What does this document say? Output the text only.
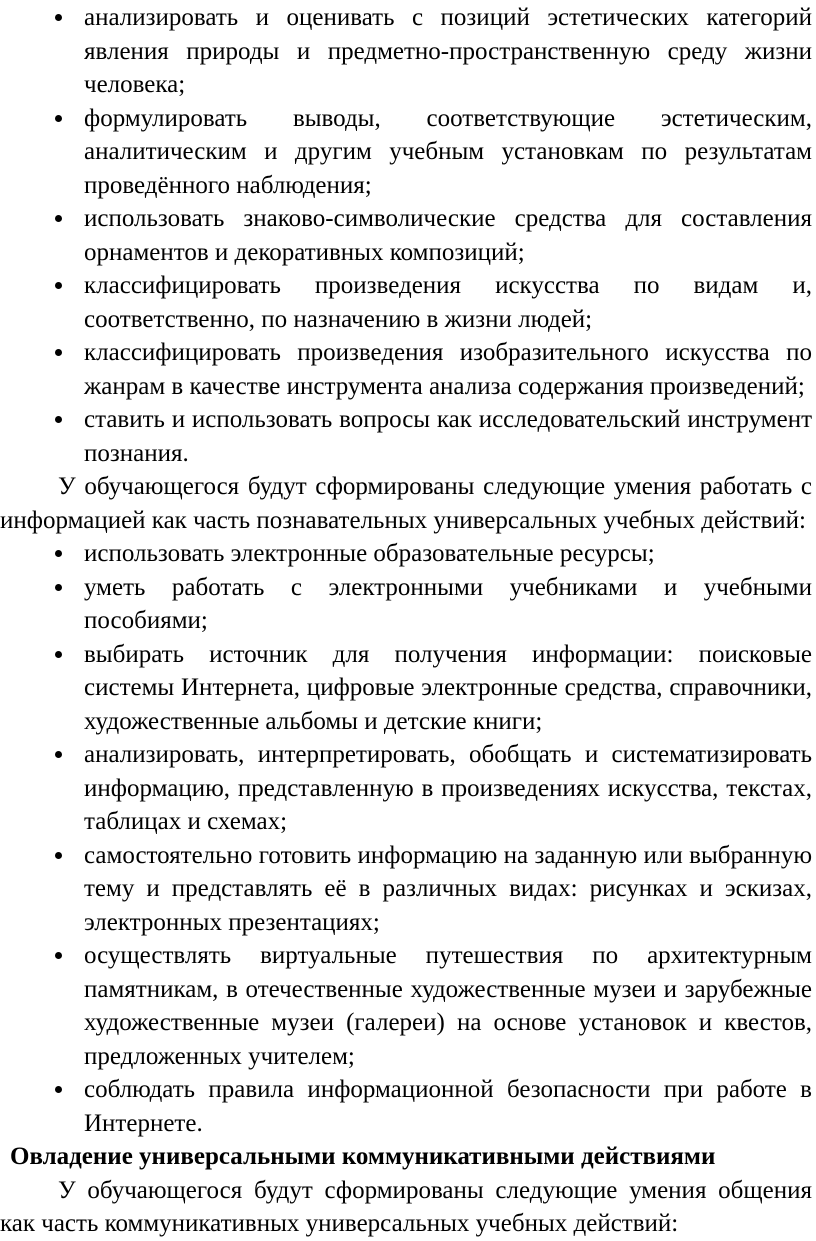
анализировать и оценивать с позиций эстетических категорий явления природы и предметно-пространственную среду жизни человека;
формулировать выводы, соответствующие эстетическим, аналитическим и другим учебным установкам по результатам проведённого наблюдения;
использовать знаково-символические средства для составления орнаментов и декоративных композиций;
классифицировать произведения искусства по видам и, соответственно, по назначению в жизни людей;
классифицировать произведения изобразительного искусства по жанрам в качестве инструмента анализа содержания произведений;
ставить и использовать вопросы как исследовательский инструмент познания.

У обучающегося будут сформированы следующие умения работать с информацией как часть познавательных универсальных учебных действий:

использовать электронные образовательные ресурсы;
уметь работать с электронными учебниками и учебными пособиями;
выбирать источник для получения информации: поисковые системы Интернета, цифровые электронные средства, справочники, художественные альбомы и детские книги;
анализировать, интерпретировать, обобщать и систематизировать информацию, представленную в произведениях искусства, текстах, таблицах и схемах;
самостоятельно готовить информацию на заданную или выбранную тему и представлять её в различных видах: рисунках и эскизах, электронных презентациях;
осуществлять виртуальные путешествия по архитектурным памятникам, в отечественные художественные музеи и зарубежные художественные музеи (галереи) на основе установок и квестов, предложенных учителем;
соблюдать правила информационной безопасности при работе в Интернете.

Овладение универсальными коммуникативными действиями

У обучающегося будут сформированы следующие умения общения как часть коммуникативных универсальных учебных действий:
